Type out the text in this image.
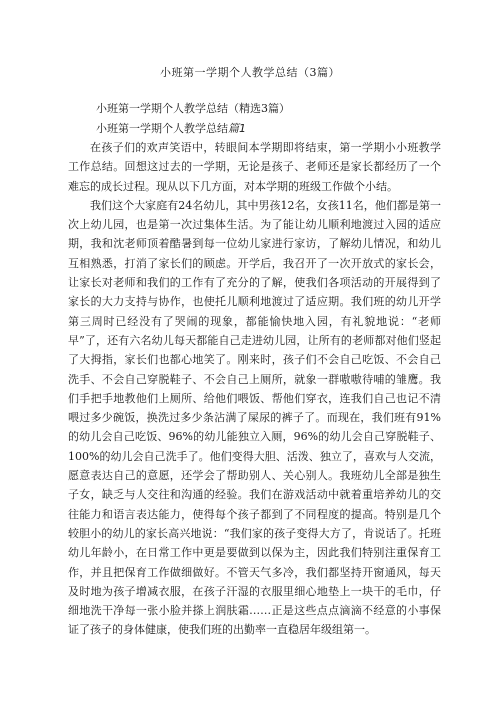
小班第一学期个人教学总结（3篇）
小班第一学期个人教学总结（精选3篇）
小班第一学期个人教学总结篇1

在孩子们的欢声笑语中，转眼间本学期即将结束，第一学期小小班教学工作总结。回想这过去的一学期，无论是孩子、老师还是家长都经历了一个难忘的成长过程。现从以下几方面，对本学期的班级工作做个小结。

我们这个大家庭有24名幼儿，其中男孩12名，女孩11名，他们都是第一次上幼儿园，也是第一次过集体生活。为了能让幼儿顺利地渡过入园的适应期，我和沈老师顶着酷暑到每一位幼儿家进行家访，了解幼儿情况，和幼儿互相熟悉，打消了家长们的顾虑。开学后，我召开了一次开放式的家长会，让家长对老师和我们的工作有了充分的了解，使我们各项活动的开展得到了家长的大力支持与协作，也使托儿顺利地渡过了适应期。我们班的幼儿开学第三周时已经没有了哭闹的现象，都能愉快地入园，有礼貌地说：“老师早”了，还有六名幼儿每天都能自己走进幼儿园，让所有的老师都对他们竖起了大拇指，家长们也都心地笑了。刚来时，孩子们不会自己吃饭、不会自己洗手、不会自己穿脱鞋子、不会自己上厕所，就象一群嗷嗷待哺的雏鹰。我们手把手地教他们上厕所、给他们喂饭、帮他们穿衣，连我们自己也记不清喂过多少碗饭，换洗过多少条沾满了屎尿的裤子了。而现在，我们班有91%的幼儿会自己吃饭、96%的幼儿能独立入厕，96%的幼儿会自己穿脱鞋子、100%的幼儿会自己洗手了。他们变得大胆、活泼、独立了，喜欢与人交流，愿意表达自己的意愿，还学会了帮助别人、关心别人。我班幼儿全部是独生子女，缺乏与人交往和沟通的经验。我们在游戏活动中就着重培养幼儿的交往能力和语言表达能力，使得每个孩子都到了不同程度的提高。特别是几个较胆小的幼儿的家长高兴地说：“我们家的孩子变得大方了，肯说话了。托班幼儿年龄小，在日常工作中更是要做到以保为主，因此我们特别注重保育工作，并且把保育工作做细做好。不管天气多冷，我们都坚持开窗通风，每天及时地为孩子增减衣服，在孩子汗湿的衣服里细心地垫上一块干的毛巾，仔细地洗干净每一张小脸并搽上润肤霜……正是这些点点滴滴不经意的小事保证了孩子的身体健康，使我们班的出勤率一直稳居年级组第一。
